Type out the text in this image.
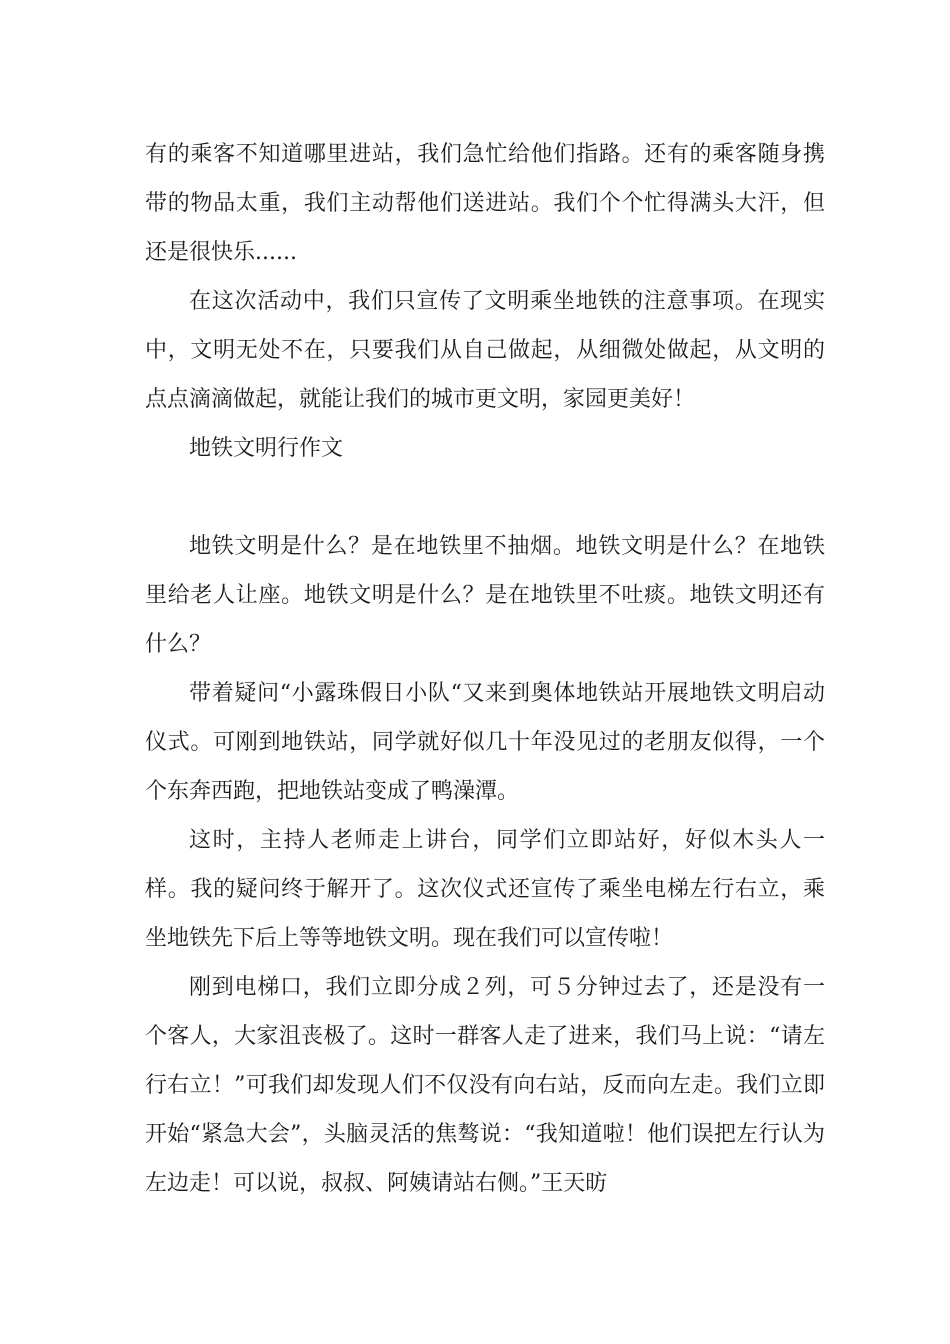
有的乘客不知道哪里进站，我们急忙给他们指路。还有的乘客随身携带的物品太重，我们主动帮他们送进站。我们个个忙得满头大汗，但还是很快乐......

在这次活动中，我们只宣传了文明乘坐地铁的注意事项。在现实中，文明无处不在，只要我们从自己做起，从细微处做起，从文明的点点滴滴做起，就能让我们的城市更文明，家园更美好！

地铁文明行作文

地铁文明是什么？是在地铁里不抽烟。地铁文明是什么？在地铁里给老人让座。地铁文明是什么？是在地铁里不吐痰。地铁文明还有什么？

带着疑问“小露珠假日小队“又来到奥体地铁站开展地铁文明启动仪式。可刚到地铁站，同学就好似几十年没见过的老朋友似得，一个个东奔西跑，把地铁站变成了鸭澡潭。

这时，主持人老师走上讲台，同学们立即站好，好似木头人一样。我的疑问终于解开了。这次仪式还宣传了乘坐电梯左行右立，乘坐地铁先下后上等等地铁文明。现在我们可以宣传啦！

刚到电梯口，我们立即分成２列，可５分钟过去了，还是没有一个客人，大家沮丧极了。这时一群客人走了进来，我们马上说：“请左行右立！”可我们却发现人们不仅没有向右站，反而向左走。我们立即开始“紧急大会”，头脑灵活的焦骜说：“我知道啦！他们误把左行认为左边走！可以说，叔叔、阿姨请站右侧。”王天昉
